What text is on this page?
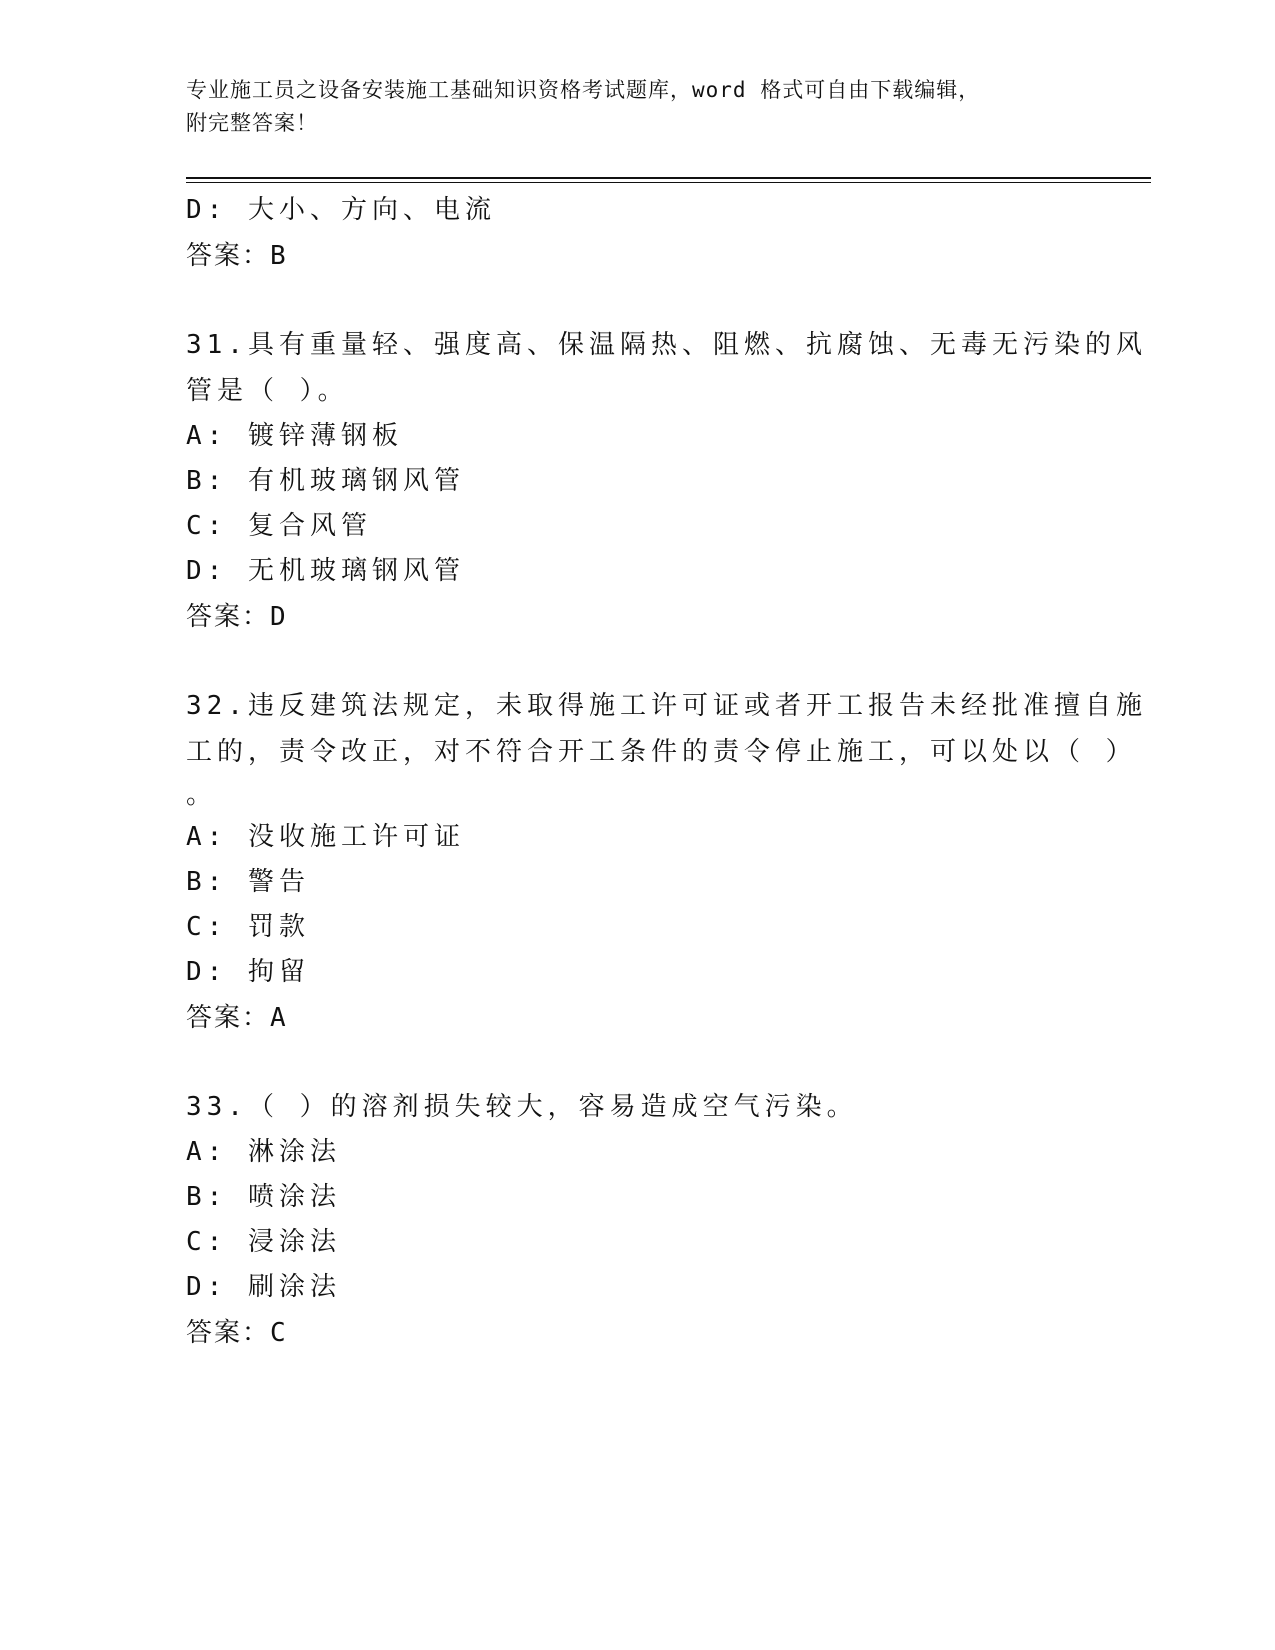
专业施工员之设备安装施工基础知识资格考试题库，word 格式可自由下载编辑，
附完整答案！
D: 大小、方向、电流
答案：B
31.具有重量轻、强度高、保温隔热、阻燃、抗腐蚀、无毒无污染的风
管是（ ）。
A: 镀锌薄钢板
B: 有机玻璃钢风管
C: 复合风管
D: 无机玻璃钢风管
答案：D
32.违反建筑法规定，未取得施工许可证或者开工报告未经批准擅自施
工的，责令改正，对不符合开工条件的责令停止施工，可以处以（ ）
。
A: 没收施工许可证
B: 警告
C: 罚款
D: 拘留
答案：A
33.（ ）的溶剂损失较大，容易造成空气污染。
A: 淋涂法
B: 喷涂法
C: 浸涂法
D: 刷涂法
答案：C
